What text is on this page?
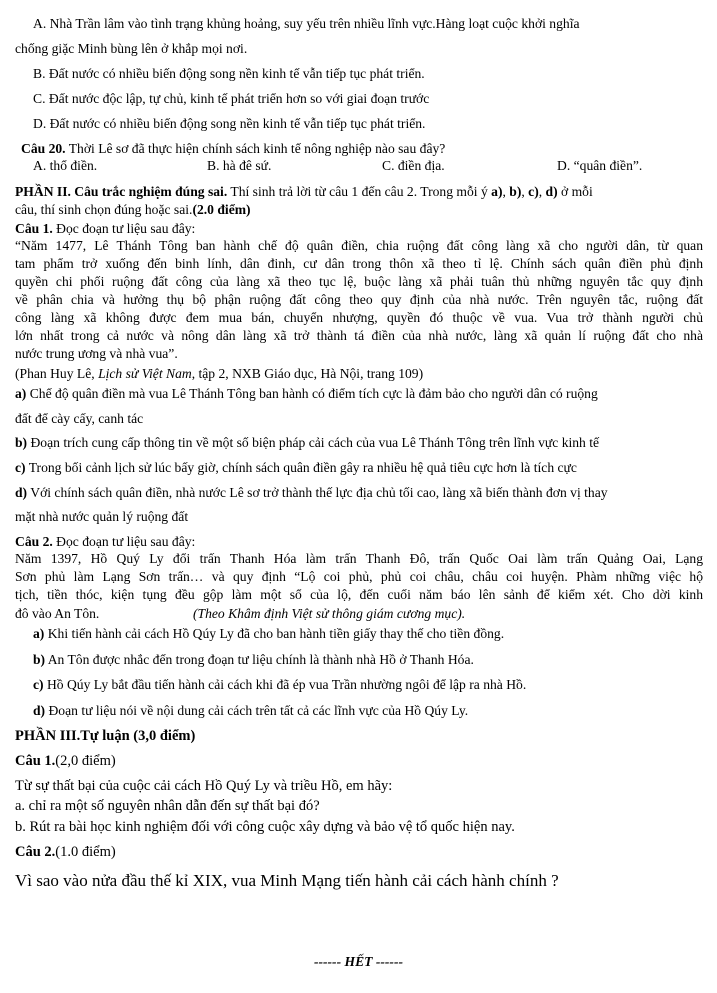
A. Nhà Trần lâm vào tình trạng khủng hoảng, suy yếu trên nhiều lĩnh vực.Hàng loạt cuộc khởi nghĩa
chống giặc Minh bùng lên ở khắp mọi nơi.
B. Đất nước có nhiều biến động song nền kinh tế vẫn tiếp tục phát triển.
C. Đất nước độc lập, tự chủ, kinh tế phát triển hơn so với giai đoạn trước
D. Đất nước có nhiều biến động song nền kinh tế vẫn tiếp tục phát triển.
Câu 20. Thời Lê sơ đã thực hiện chính sách kinh tế nông nghiệp nào sau đây?
A. thổ điền.	B. hà đê sứ.	C. điền địa.	D. “quân điền”.
PHẦN II. Câu trắc nghiệm đúng sai. Thí sinh trả lời từ câu 1 đến câu 2. Trong mỗi ý a), b), c), d) ở mỗi
câu, thí sinh chọn đúng hoặc sai.(2.0 điểm)
Câu 1. Đọc đoạn tư liệu sau đây:
“Năm 1477, Lê Thánh Tông ban hành chế độ quân điền, chia ruộng đất công làng xã cho người dân, từ quan
tam phẩm trở xuống đến binh lính, dân đinh, cư dân trong thôn xã theo tỉ lệ. Chính sách quân điền phủ định
quyền chi phối ruộng đất công của làng xã theo tục lệ, buộc làng xã phải tuân thủ những nguyên tắc quy định
về phân chia và hưởng thụ bộ phận ruộng đất công theo quy định của nhà nước. Trên nguyên tắc, ruộng đất
công làng xã không được đem mua bán, chuyển nhượng, quyền đó thuộc về vua. Vua trở thành người chủ
lớn nhất trong cả nước và nông dân làng xã trở thành tá điền của nhà nước, làng xã quản lí ruộng đất cho nhà
nước trung ương và nhà vua”.
(Phan Huy Lê, Lịch sử Việt Nam, tập 2, NXB Giáo dục, Hà Nội, trang 109)
a) Chế độ quân điền mà vua Lê Thánh Tông ban hành có điểm tích cực là đảm bảo cho người dân có ruộng
đất để cày cấy, canh tác
b) Đoạn trích cung cấp thông tin về một số biện pháp cải cách của vua Lê Thánh Tông trên lĩnh vực kinh tế
c) Trong bối cảnh lịch sử lúc bấy giờ, chính sách quân điền gây ra nhiều hệ quả tiêu cực hơn là tích cực
d) Với chính sách quân điền, nhà nước Lê sơ trở thành thế lực địa chủ tối cao, làng xã biến thành đơn vị thay
mặt nhà nước quản lý ruộng đất
Câu 2. Đọc đoạn tư liệu sau đây:
Năm 1397, Hồ Quý Ly đổi trấn Thanh Hóa làm trấn Thanh Đô, trấn Quốc Oai làm trấn Quảng Oai, Lạng
Sơn phủ làm Lạng Sơn trấn… và quy định “Lộ coi phủ, phủ coi châu, châu coi huyện. Phàm những việc hộ
tịch, tiền thóc, kiện tụng đều gộp làm một sổ của lộ, đến cuối năm báo lên sảnh để kiểm xét. Cho dời kinh
đô vào An Tôn.	(Theo Khâm định Việt sử thông giám cương mục).
a) Khi tiến hành cải cách Hồ Qúy Ly đã cho ban hành tiền giấy thay thế cho tiền đồng.
b) An Tôn được nhắc đến trong đoạn tư liệu chính là thành nhà Hồ ở Thanh Hóa.
c) Hồ Qúy Ly bắt đầu tiến hành cải cách khi đã ép vua Trần nhường ngôi để lập ra nhà Hồ.
d) Đoạn tư liệu nói về nội dung cải cách trên tất cả các lĩnh vực của Hồ Qúy Ly.
PHẦN III.Tự luận (3,0 điểm)
Câu 1.(2,0 điểm)
Từ sự thất bại của cuộc cải cách Hồ Quý Ly và triều Hồ, em hãy:
a. chỉ ra một số nguyên nhân dẫn đến sự thất bại đó?
b. Rút ra bài học kinh nghiệm đối với công cuộc xây dựng và bảo vệ tổ quốc hiện nay.
Câu 2.(1.0 điểm)
Vì sao vào nửa đầu thế kỉ XIX, vua Minh Mạng tiến hành cải cách hành chính ?
------ HẾT ------
